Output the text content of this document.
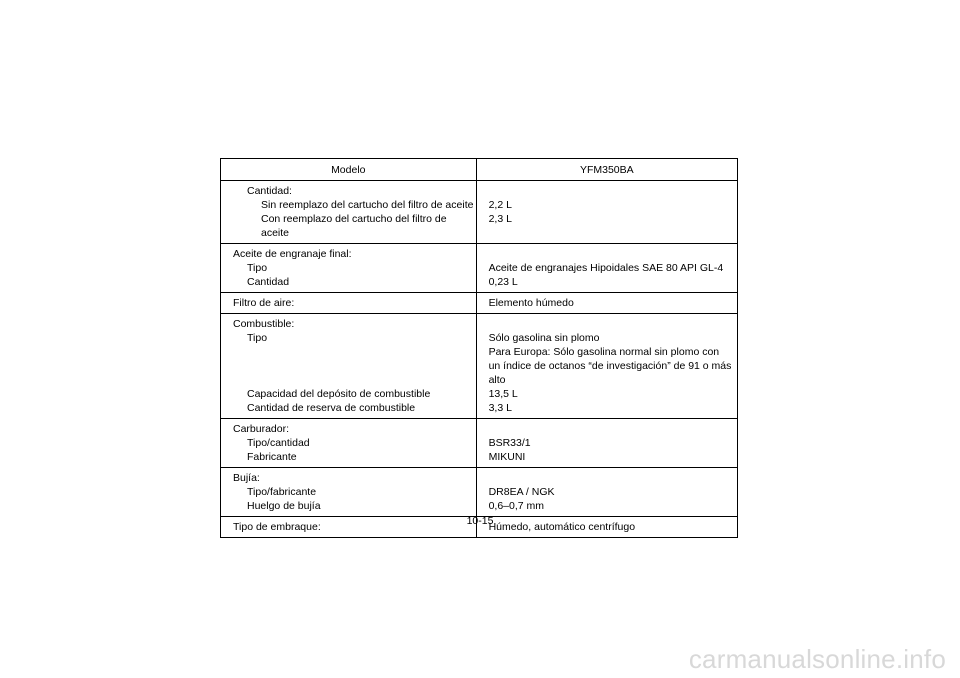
Modelo	YFM350BA
Cantidad:	
Sin reemplazo del cartucho del filtro de aceite	2,2 L
Con reemplazo del cartucho del filtro de aceite	2,3 L
Aceite de engranaje final:	
Tipo	Aceite de engranajes Hipoidales SAE 80 API GL-4
Cantidad	0,23 L
Filtro de aire:	Elemento húmedo
Combustible:	
Tipo	Sólo gasolina sin plomo
	Para Europa: Sólo gasolina normal sin plomo con un índice de octanos “de investigación” de 91 o más alto
Capacidad del depósito de combustible	13,5 L
Cantidad de reserva de combustible	3,3 L
Carburador:	
Tipo/cantidad	BSR33/1
Fabricante	MIKUNI
Bujía:	
Tipo/fabricante	DR8EA / NGK
Huelgo de bujía	0,6–0,7 mm
Tipo de embraque:	Húmedo, automático centrífugo
10-15
carmanualsonline.info
